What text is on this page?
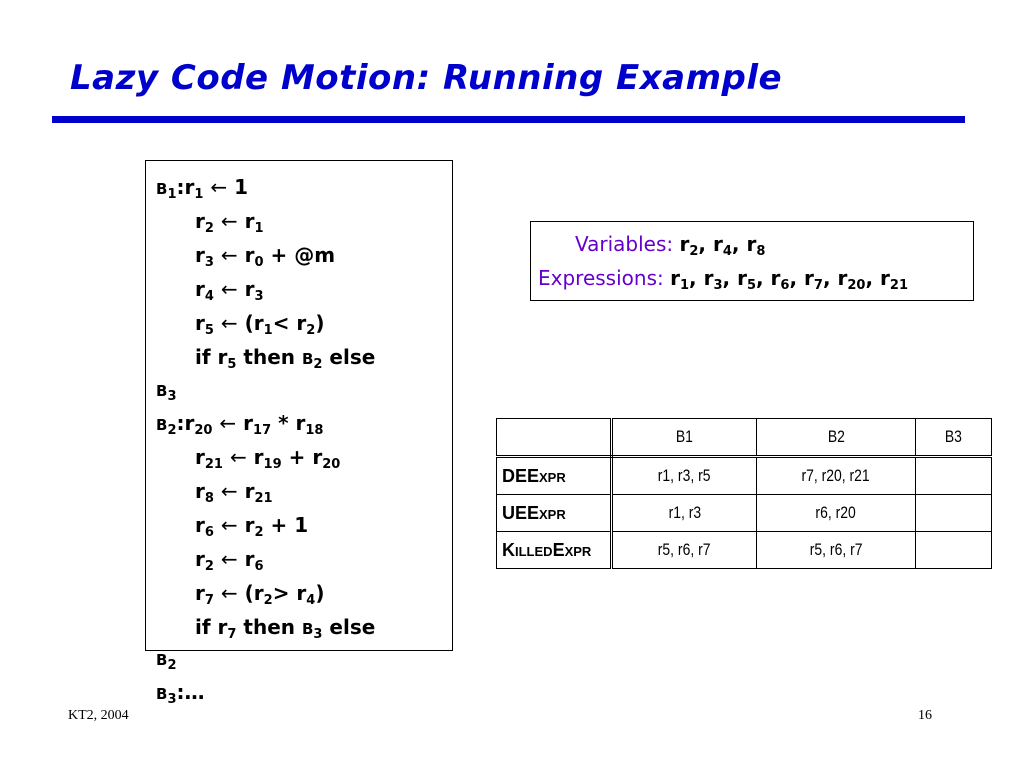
Lazy Code Motion: Running Example
$B_1:r_1$ ← 1
$r_2$ ← $r_1$
$r_3$ ← $r_0$ + @m
$r_4$ ← $r_3$
$r_5$ ← $(r_1< r_2)$
if $r_5$ then $B_2$ else
$B_3$
$B_2:r_{20}$ ← $r_{17} * r_{18}$
$r_{21}$ ← $r_{19} + r_{20}$
$r_8$ ← $r_{21}$
$r_6$ ← $r_2 + 1$
$r_2$ ← $r_6$
$r_7$ ← $(r_2> r_4)$
if $r_7$ then $B_3$ else
$B_2$
$B_3:\dots$
Variables: $r_2$, $r_4$, $r_8$
Expressions: $r_1$, $r_3$, $r_5$, $r_6$, $r_7$, $r_{20}$, $r_{21}$
	B1	B2	B3
DEEXPR	r1, r3, r5	r7, r20, r21	
UEEXPR	r1, r3	r6, r20	
KILLEDEXPR	r5, r6, r7	r5, r6, r7	
KT2, 2004	16
